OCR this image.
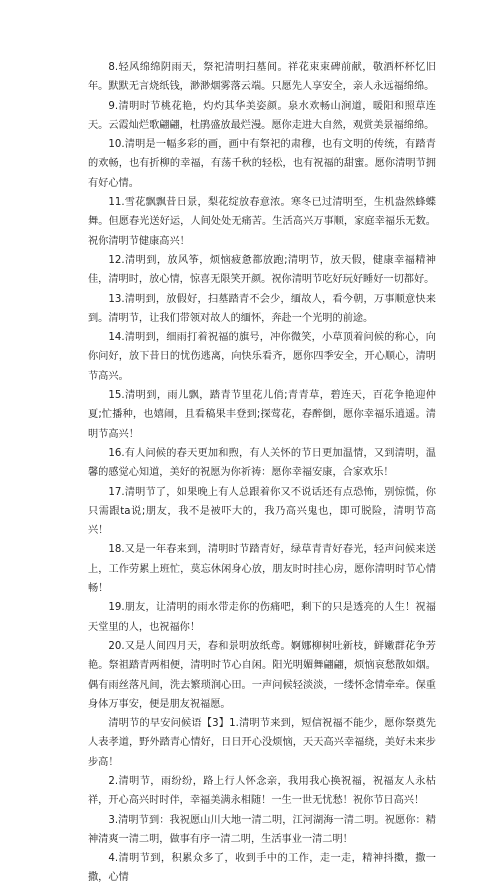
8.轻风绵绵阴雨天，祭祀清明扫墓间。祥花束束碑前献，敬酒杯杯忆旧年。默默无言烧纸钱，渺渺烟雾落云端。只愿先人享安全，亲人永远福绵绵。

9.清明时节桃花艳，灼灼其华美姿颜。泉水欢畅山涧道，暖阳和照草连天。云霞灿烂歌翩翩，杜鹃盛放最烂漫。愿你走进大自然，观赏美景福绵绵。

10.清明是一幅多彩的画，画中有祭祀的肃穆，也有文明的传统，有踏青的欢畅，也有折柳的幸福，有荡千秋的轻松，也有祝福的甜蜜。愿你清明节拥有好心情。

11.雪花飘飘昔日景，梨花绽放春意浓。寒冬已过清明至，生机盎然蜂蝶舞。但愿春光送好运，人间处处无痛苦。生活高兴万事顺，家庭幸福乐无数。祝你清明节健康高兴！

12.清明到，放风筝，烦恼疲惫都放跑;清明节，放天假，健康幸福精神佳，清明时，放心情，惊喜无限笑开颜。祝你清明节吃好玩好睡好一切都好。

13.清明到，放假好，扫墓踏青不会少，缅故人，看今朝，万事顺意快来到。清明节，让我们带领对故人的缅怀，奔赴一个光明的前途。

14.清明到，细雨打着祝福的旗号，冲你微笑，小草顶着问候的称心，向你问好，放下昔日的忧伤逃离，向快乐看齐，愿你四季安全，开心顺心，清明节高兴。

15.清明到，雨儿飘，踏青节里花儿俏;青青草，碧连天，百花争艳迎仲夏;忙播种，也嬉闹，且看稿果丰登到;探莺花，春醉倒，愿你幸福乐逍遥。清明节高兴！

16.有人问候的春天更加和煦，有人关怀的节日更加温情，又到清明，温馨的感觉心知道，美好的祝愿为你祈祷：愿你幸福安康，合家欢乐！

17.清明节了，如果晚上有人总跟着你又不说话还有点恐怖，别惊慌，你只需跟ta说;朋友，我不是被吓大的，我乃高兴鬼也，即可脱险，清明节高兴！

18.又是一年春来到，清明时节踏青好，绿草青青好春光，轻声问候来送上，工作劳累上班忙，莫忘休闲身心放，朋友时时挂心房，愿你清明时节心情畅！

19.朋友，让清明的雨水带走你的伤痛吧，剩下的只是透亮的人生！祝福天堂里的人，也祝福你！

20.又是人间四月天，春和景明放纸鸢。婀娜柳树吐新枝，鲜嫩群花争芳艳。祭祖踏青两相便，清明时节心自闲。阳光明媚舞翩翩，烦恼哀愁散如烟。偶有雨丝落凡间，洗去繁琐润心田。一声问候轻淡淡，一缕怀念情牵牵。保重身体万事安，便是朋友祝福愿。

清明节的早安问候语【3】1.清明节来到，短信祝福不能少，愿你祭奠先人表孝道，野外踏青心情好，日日开心没烦恼，天天高兴幸福绕，美好未来步步高！

2.清明节，雨纷纷，路上行人怀念亲，我用我心换祝福，祝福友人永枯祥，开心高兴时时伴，幸福美满永相随！一生一世无忧愁！祝你节日高兴！

3.清明节到：我祝愿山川大地一清二明，江河湖海一清二明。祝愿你：精神清爽一清二明，做事有序一清二明，生活事业一清二明！

4.清明节到，积累众多了，收到手中的工作，走一走，精神抖擞，撒一撒，心情
